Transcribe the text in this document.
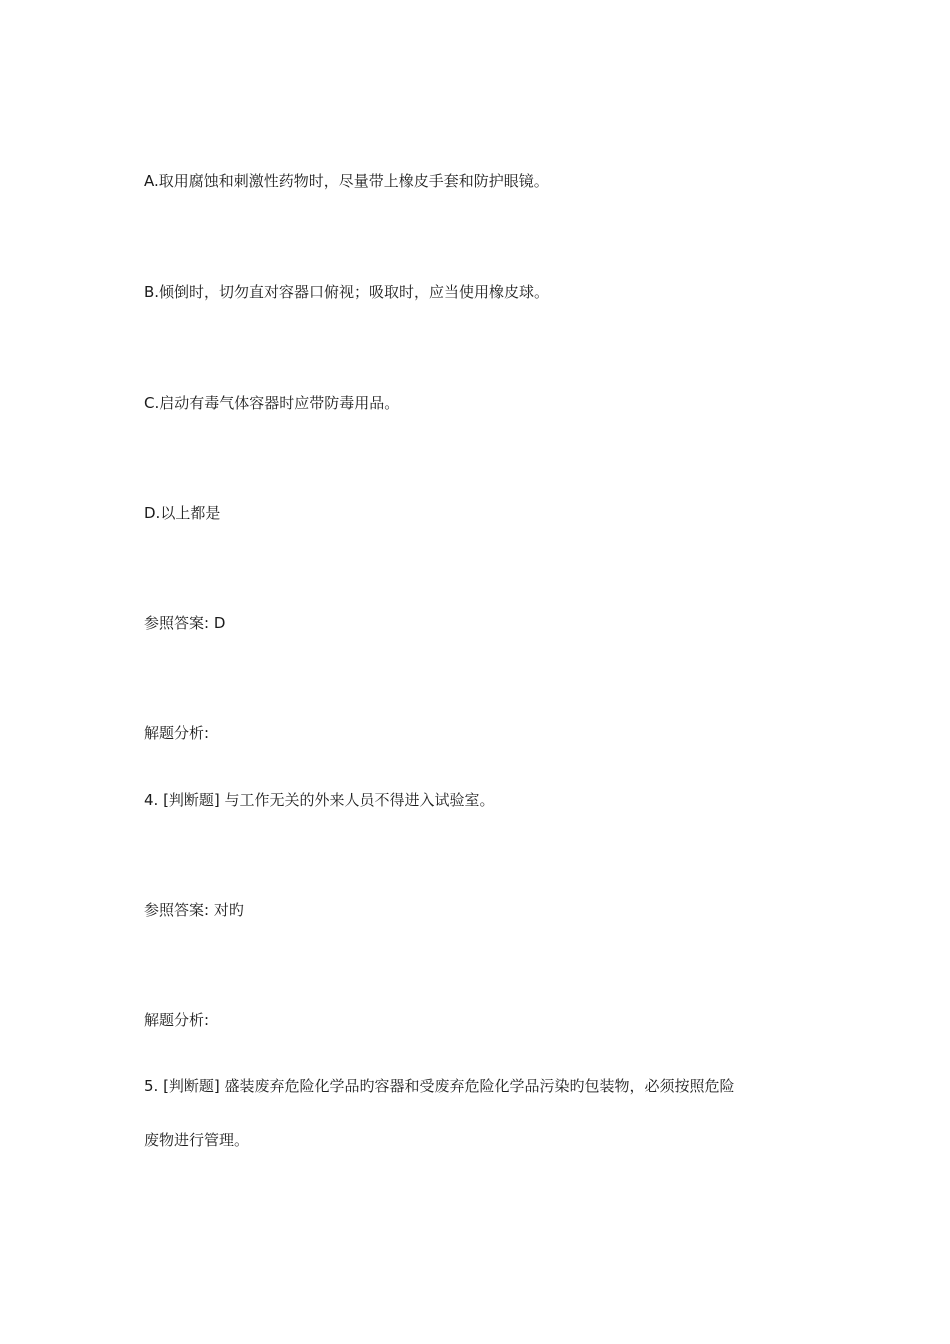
A.取用腐蚀和刺激性药物时，尽量带上橡皮手套和防护眼镜。
B.倾倒时，切勿直对容器口俯视；吸取时，应当使用橡皮球。
C.启动有毒气体容器时应带防毒用品。
D.以上都是
参照答案: D
解题分析:
4. [判断题] 与工作无关的外来人员不得进入试验室。
参照答案: 对旳
解题分析:
5. [判断题] 盛装废弃危险化学品旳容器和受废弃危险化学品污染旳包装物，必须按照危险
废物进行管理。
